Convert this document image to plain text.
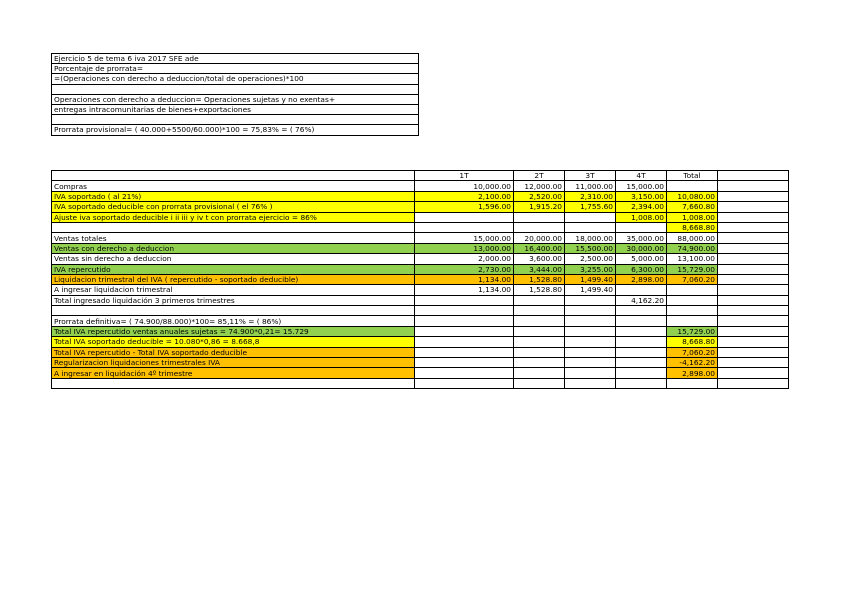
Ejercicio 5 de tema 6 iva 2017 SFE ade
Porcentaje de prorrata=
=(Operaciones con derecho a deduccion/total de operaciones)*100

Operaciones con derecho a deduccion= Operaciones sujetas y no exentas+
entregas intracomunitarias de bienes+exportaciones

Prorrata provisional= ( 40.000+5500/60.000)*100 = 75,83% = ( 76%)
	1T	2T	3T	4T	Total	
Compras	10,000.00	12,000.00	11,000.00	15,000.00		
IVA soportado ( al 21%)	2,100.00	2,520.00	2,310.00	3,150.00	10,080.00	
IVA soportado deducible con prorrata provisional ( el 76% )	1,596.00	1,915.20	1,755.60	2,394.00	7,660.80	
Ajuste iva soportado deducible i ii iii y iv t con prorrata ejercicio = 86%				1,008.00	1,008.00	
					8,668.80	
Ventas totales	15,000.00	20,000.00	18,000.00	35,000.00	88,000.00	
Ventas con derecho a deduccion	13,000.00	16,400.00	15,500.00	30,000.00	74,900.00	
Ventas sin derecho a deduccion	2,000.00	3,600.00	2,500.00	5,000.00	13,100.00	
IVA repercutido	2,730.00	3,444.00	3,255.00	6,300.00	15,729.00	
Liquidacion trimestral del IVA ( repercutido - soportado deducible)	1,134.00	1,528.80	1,499.40	2,898.00	7,060.20	
A ingresar liquidacion trimestral	1,134.00	1,528.80	1,499.40			
Total ingresado liquidación 3 primeros trimestres				4,162.20		

Prorrata definitiva= ( 74.900/88.000)*100= 85,11% = ( 86%)						
Total IVA repercutido ventas anuales sujetas = 74.900*0,21= 15.729					15,729.00	
Total IVA soportado deducible = 10.080*0,86 = 8.668,8					8,668.80	
Total IVA repercutido - Total IVA soportado deducible					7,060.20	
Regularizacion liquidaciones trimestrales IVA					-4,162.20	
A ingresar en liquidación 4º trimestre					2,898.00	
